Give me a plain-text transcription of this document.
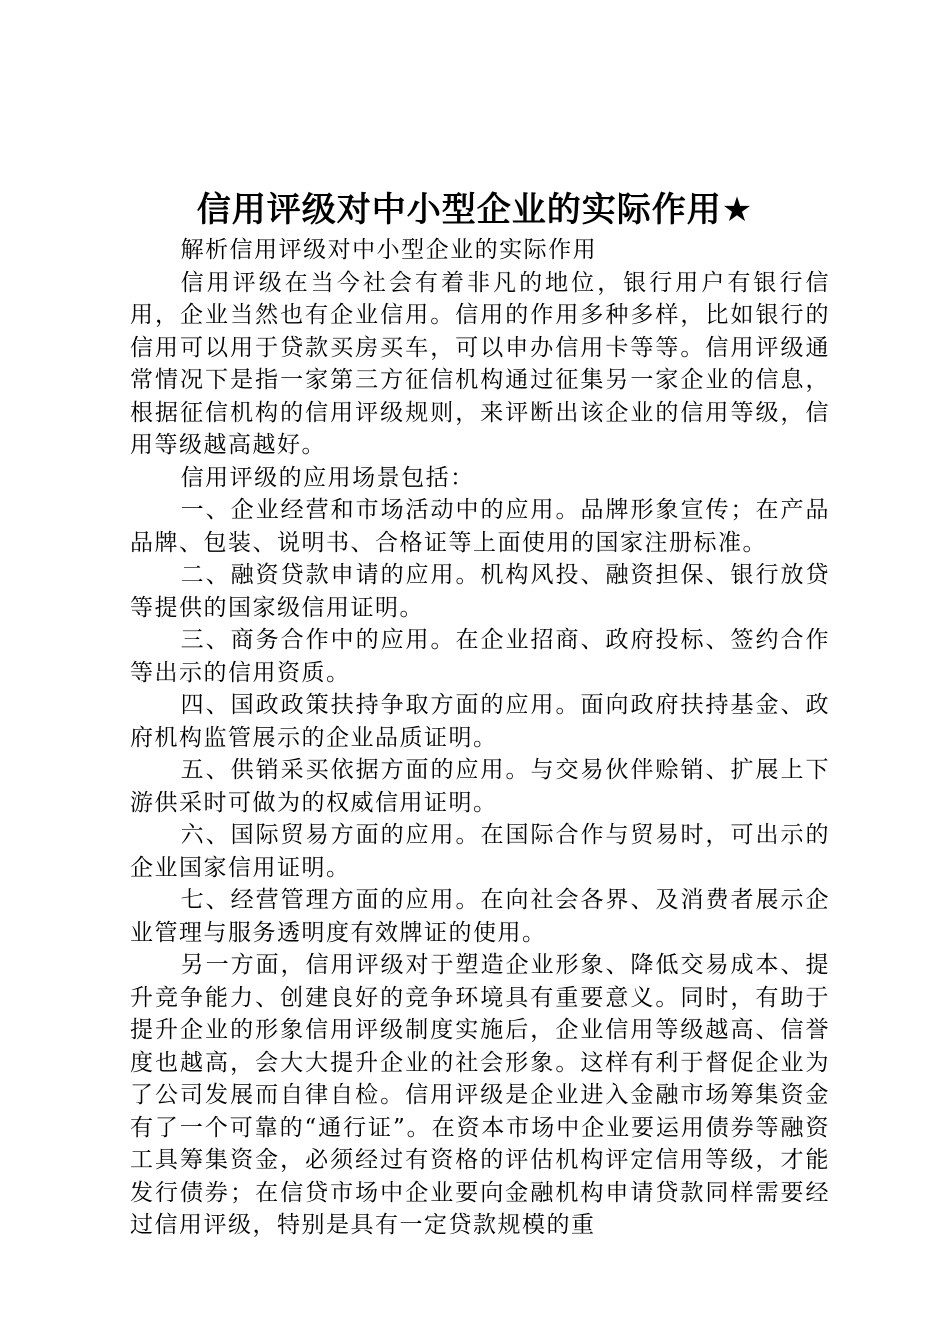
信用评级对中小型企业的实际作用★

解析信用评级对中小型企业的实际作用

信用评级在当今社会有着非凡的地位，银行用户有银行信用，企业当然也有企业信用。信用的作用多种多样，比如银行的信用可以用于贷款买房买车，可以申办信用卡等等。信用评级通常情况下是指一家第三方征信机构通过征集另一家企业的信息，根据征信机构的信用评级规则，来评断出该企业的信用等级，信用等级越高越好。

信用评级的应用场景包括：

一、企业经营和市场活动中的应用。品牌形象宣传；在产品品牌、包装、说明书、合格证等上面使用的国家注册标准。

二、融资贷款申请的应用。机构风投、融资担保、银行放贷等提供的国家级信用证明。

三、商务合作中的应用。在企业招商、政府投标、签约合作等出示的信用资质。

四、国政政策扶持争取方面的应用。面向政府扶持基金、政府机构监管展示的企业品质证明。

五、供销采买依据方面的应用。与交易伙伴赊销、扩展上下游供采时可做为的权威信用证明。

六、国际贸易方面的应用。在国际合作与贸易时，可出示的企业国家信用证明。

七、经营管理方面的应用。在向社会各界、及消费者展示企业管理与服务透明度有效牌证的使用。

另一方面，信用评级对于塑造企业形象、降低交易成本、提升竞争能力、创建良好的竞争环境具有重要意义。同时，有助于提升企业的形象信用评级制度实施后，企业信用等级越高、信誉度也越高，会大大提升企业的社会形象。这样有利于督促企业为了公司发展而自律自检。信用评级是企业进入金融市场筹集资金有了一个可靠的“通行证”。在资本市场中企业要运用债券等融资工具筹集资金，必须经过有资格的评估机构评定信用等级，才能发行债券；在信贷市场中企业要向金融机构申请贷款同样需要经过信用评级，特别是具有一定贷款规模的重
